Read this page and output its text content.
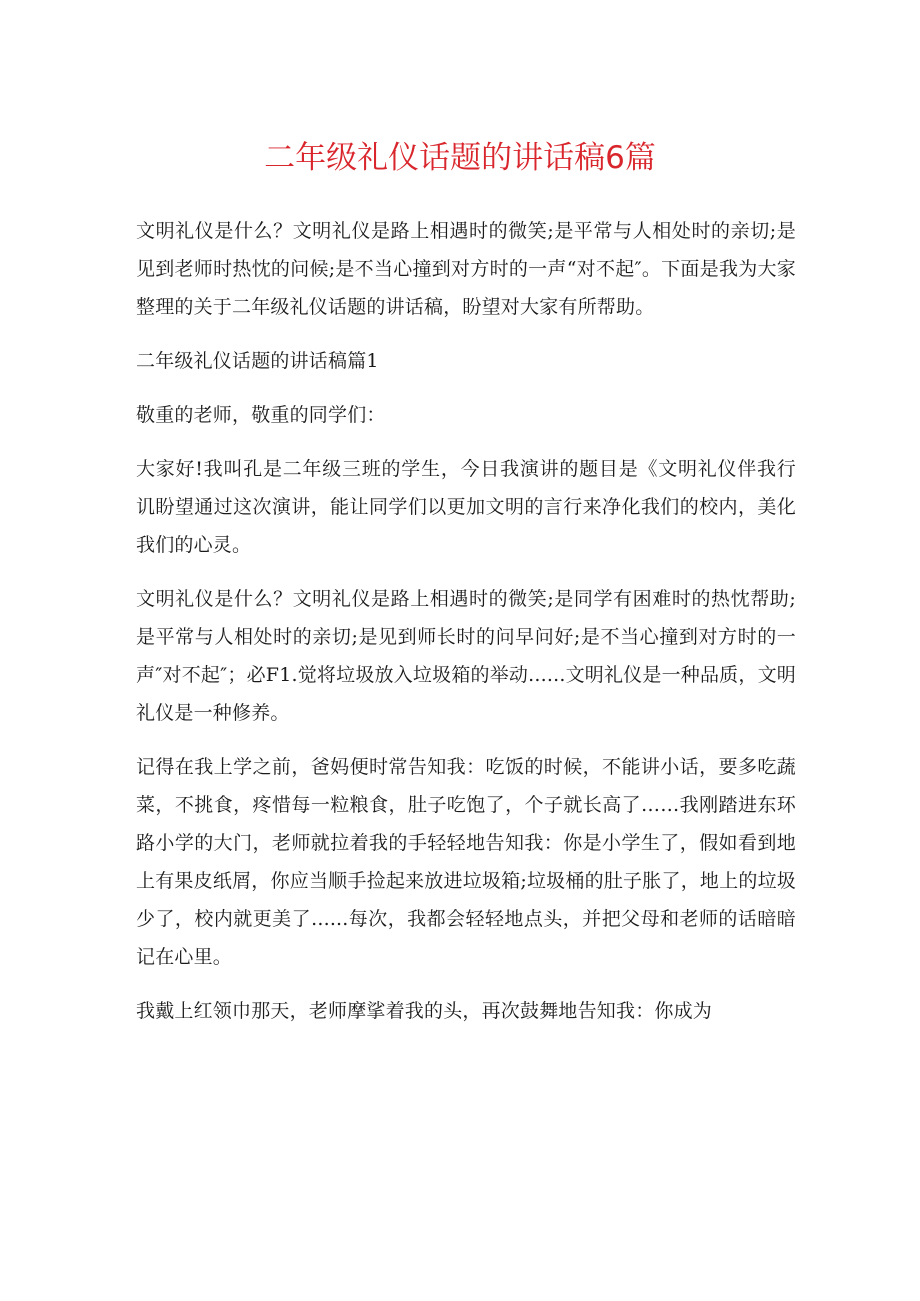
二年级礼仪话题的讲话稿6篇

文明礼仪是什么？文明礼仪是路上相遇时的微笑;是平常与人相处时的亲切;是见到老师时热忱的问候;是不当心撞到对方时的一声“对不起″。下面是我为大家整理的关于二年级礼仪话题的讲话稿，盼望对大家有所帮助。

二年级礼仪话题的讲话稿篇1

敬重的老师，敬重的同学们：

大家好!我叫孔是二年级三班的学生，今日我演讲的题目是《文明礼仪伴我行讥盼望通过这次演讲，能让同学们以更加文明的言行来净化我们的校内，美化我们的心灵。

文明礼仪是什么？文明礼仪是路上相遇时的微笑;是同学有困难时的热忱帮助;是平常与人相处时的亲切;是见到师长时的问早问好;是不当心撞到对方时的一声″对不起″；必F1.觉将垃圾放入垃圾箱的举动......文明礼仪是一种品质，文明礼仪是一种修养。

记得在我上学之前，爸妈便时常告知我：吃饭的时候，不能讲小话，要多吃蔬菜，不挑食，疼惜每一粒粮食，肚子吃饱了，个子就长高了……我刚踏进东环路小学的大门，老师就拉着我的手轻轻地告知我：你是小学生了，假如看到地上有果皮纸屑，你应当顺手捡起来放进垃圾箱;垃圾桶的肚子胀了，地上的垃圾少了，校内就更美了......每次，我都会轻轻地点头，并把父母和老师的话暗暗记在心里。

我戴上红领巾那天，老师摩挲着我的头，再次鼓舞地告知我：你成为
